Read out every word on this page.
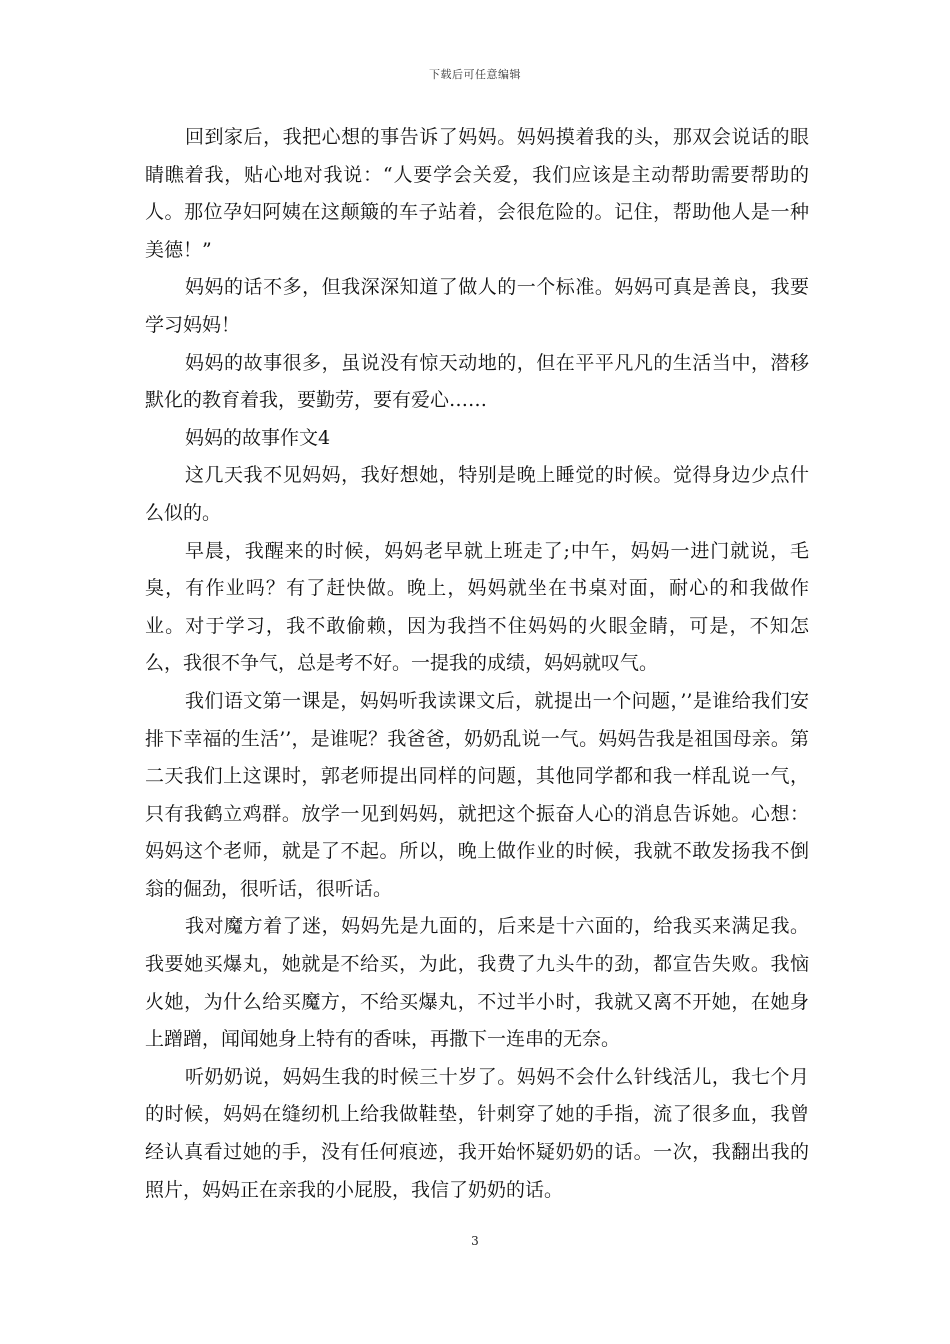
下载后可任意编辑

回到家后，我把心想的事告诉了妈妈。妈妈摸着我的头，那双会说话的眼睛瞧着我，贴心地对我说：“人要学会关爱，我们应该是主动帮助需要帮助的人。那位孕妇阿姨在这颠簸的车子站着，会很危险的。记住，帮助他人是一种美德！”

妈妈的话不多，但我深深知道了做人的一个标准。妈妈可真是善良，我要学习妈妈！

妈妈的故事很多，虽说没有惊天动地的，但在平平凡凡的生活当中，潜移默化的教育着我，要勤劳，要有爱心……

妈妈的故事作文4

这几天我不见妈妈，我好想她，特别是晚上睡觉的时候。觉得身边少点什么似的。

早晨，我醒来的时候，妈妈老早就上班走了;中午，妈妈一进门就说，毛臭，有作业吗？有了赶快做。晚上，妈妈就坐在书桌对面，耐心的和我做作业。对于学习，我不敢偷赖，因为我挡不住妈妈的火眼金睛，可是，不知怎么，我很不争气，总是考不好。一提我的成绩，妈妈就叹气。

我们语文第一课是，妈妈听我读课文后，就提出一个问题，’’是谁给我们安排下幸福的生活’’，是谁呢？我爸爸，奶奶乱说一气。妈妈告我是祖国母亲。第二天我们上这课时，郭老师提出同样的问题，其他同学都和我一样乱说一气，只有我鹤立鸡群。放学一见到妈妈，就把这个振奋人心的消息告诉她。心想：妈妈这个老师，就是了不起。所以，晚上做作业的时候，我就不敢发扬我不倒翁的倔劲，很听话，很听话。

我对魔方着了迷，妈妈先是九面的，后来是十六面的，给我买来满足我。我要她买爆丸，她就是不给买，为此，我费了九头牛的劲，都宣告失败。我恼火她，为什么给买魔方，不给买爆丸，不过半小时，我就又离不开她，在她身上蹭蹭，闻闻她身上特有的香味，再撒下一连串的无奈。

听奶奶说，妈妈生我的时候三十岁了。妈妈不会什么针线活儿，我七个月的时候，妈妈在缝纫机上给我做鞋垫，针刺穿了她的手指，流了很多血，我曾经认真看过她的手，没有任何痕迹，我开始怀疑奶奶的话。一次，我翻出我的照片，妈妈正在亲我的小屁股，我信了奶奶的话。

3
